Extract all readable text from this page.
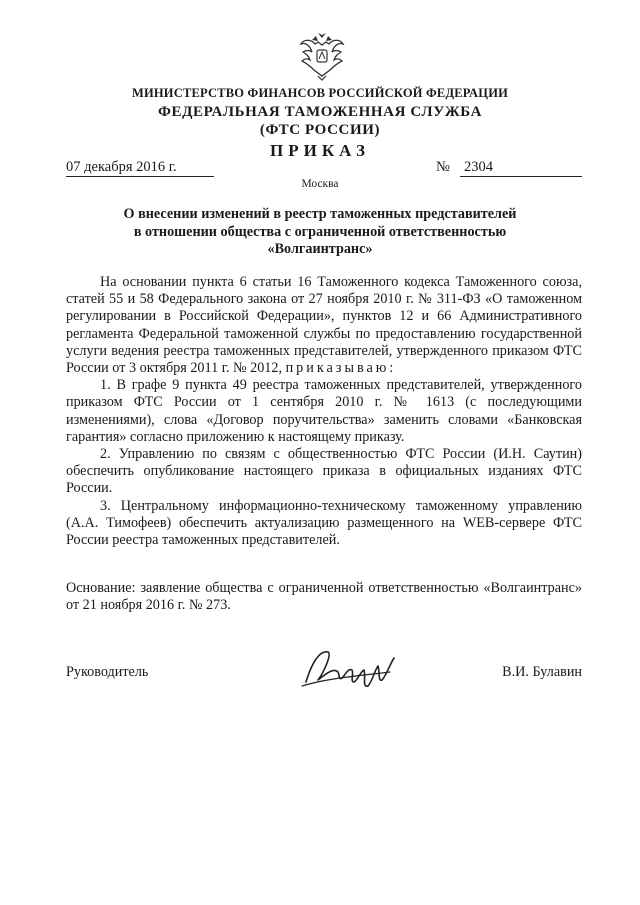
МИНИСТЕРСТВО ФИНАНСОВ РОССИЙСКОЙ ФЕДЕРАЦИИ
ФЕДЕРАЛЬНАЯ ТАМОЖЕННАЯ СЛУЖБА
(ФТС РОССИИ)
ПРИКАЗ
07 декабря 2016 г.	№ 2304
Москва
О внесении изменений в реестр таможенных представителей
в отношении общества с ограниченной ответственностью
«Волгаинтранс»

На основании пункта 6 статьи 16 Таможенного кодекса Таможенного союза, статей 55 и 58 Федерального закона от 27 ноября 2010 г. № 311-ФЗ «О таможенном регулировании в Российской Федерации», пунктов 12 и 66 Административного регламента Федеральной таможенной службы по предоставлению государственной услуги ведения реестра таможенных представителей, утвержденного приказом ФТС России от 3 октября 2011 г. № 2012, приказываю:

1. В графе 9 пункта 49 реестра таможенных представителей, утвержденного приказом ФТС России от 1 сентября 2010 г. № 1613 (с последующими изменениями), слова «Договор поручительства» заменить словами «Банковская гарантия» согласно приложению к настоящему приказу.

2. Управлению по связям с общественностью ФТС России (И.Н. Саутин) обеспечить опубликование настоящего приказа в официальных изданиях ФТС России.

3. Центральному информационно-техническому таможенному управлению (А.А. Тимофеев) обеспечить актуализацию размещенного на WEB-сервере ФТС России реестра таможенных представителей.

Основание: заявление общества с ограниченной ответственностью «Волгаинтранс» от 21 ноября 2016 г. № 273.
Руководитель	В.И. Булавин
